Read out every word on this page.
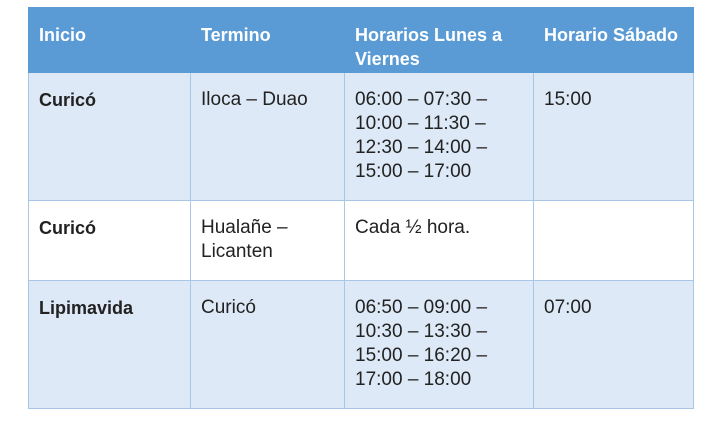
Inicio	Termino	Horarios Lunes a Viernes	Horario Sábado
Curicó	Iloca – Duao	06:00 – 07:30 – 10:00 – 11:30 – 12:30 – 14:00 – 15:00 – 17:00	15:00
Curicó	Hualañe – Licanten	Cada ½ hora.	
Lipimavida	Curicó	06:50 – 09:00 – 10:30 – 13:30 – 15:00 – 16:20 – 17:00 – 18:00	07:00
